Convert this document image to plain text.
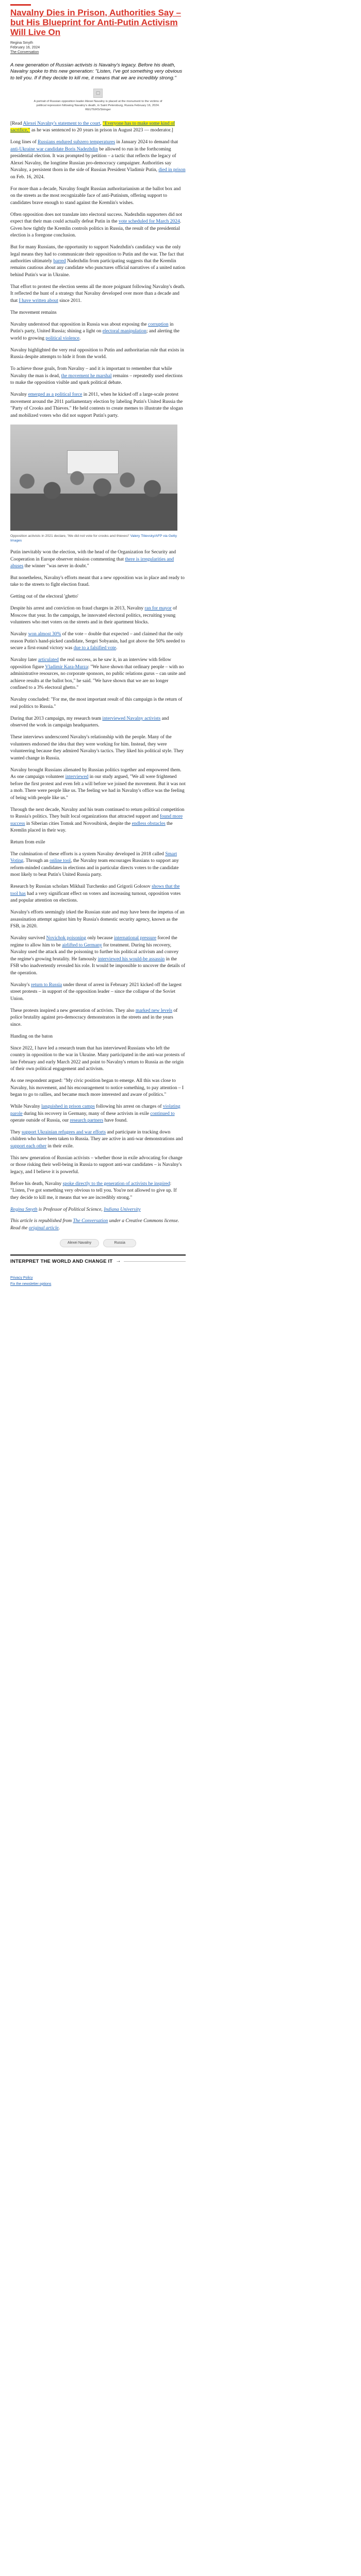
Navalny Dies in Prison, Authorities Say – but His Blueprint for Anti-Putin Activism Will Live On
Regina Smyth
February 16, 2024
The Conversation

A new generation of Russian activists is Navalny's legacy. Before his death, Navalny spoke to this new generation: "Listen, I've got something very obvious to tell you. If if they decide to kill me, it means that we are incredibly strong."

▢
A portrait of Russian opposition leader Alexei Navalny is placed at the monument to the victims of political repression following Navalny's death, in Saint Petersburg, Russia February 16, 2024. REUTERS/Stringer

[Read Alexei Navalny's statement to the court, "Everyone has to make some kind of sacrifice," as he was sentenced to 20 years in prison in August 2023 — moderator.]

Long lines of Russians endured subzero temperatures in January 2024 to demand that anti-Ukraine war candidate Boris Nadezhdin be allowed to run in the forthcoming presidential election. It was prompted by petition – a tactic that reflects the legacy of Alexei Navalny, the longtime Russian pro-democracy campaigner. Authorities say Navalny, a persistent thorn in the side of Russian President Vladimir Putin, died in prison on Feb. 16, 2024.

For more than a decade, Navalny fought Russian authoritarianism at the ballot box and on the streets as the most recognizable face of anti-Putinism, offering support to candidates brave enough to stand against the Kremlin's wishes.

Often opposition does not translate into electoral success. Nadezhdin supporters did not expect that their man could actually defeat Putin in the vote scheduled for March 2024. Given how tightly the Kremlin controls politics in Russia, the result of the presidential election is a foregone conclusion.

But for many Russians, the opportunity to support Nadezhdin's candidacy was the only legal means they had to communicate their opposition to Putin and the war. The fact that authorities ultimately barred Nadezhdin from participating suggests that the Kremlin remains cautious about any candidate who punctures official narratives of a united nation behind Putin's war in Ukraine.

That effort to protest the election seems all the more poignant following Navalny's death. It reflected the hunt of a strategy that Navalny developed over more than a decade and that I have written about since 2011.

The movement remains

Navalny understood that opposition in Russia was about exposing the corruption in Putin's party, United Russia; shining a light on electoral manipulation; and alerting the world to growing political violence.

Navalny highlighted the very real opposition to Putin and authoritarian rule that exists in Russia despite attempts to hide it from the world.

To achieve those goals, from Navalny – and it is important to remember that while Navalny the man is dead, the movement he marshal remains – repeatedly used elections to make the opposition visible and spark political debate.

Navalny emerged as a political force in 2011, when he kicked off a large-scale protest movement around the 2011 parliamentary election by labeling Putin's United Russia the "Party of Crooks and Thieves." He held contests to create memes to illustrate the slogan and mobilized voters who did not support Putin's party.

Opposition activists in 2021 declare, 'We did not vote for crooks and thieves!' Valery Titievsky/AFP via Getty Images

Putin inevitably won the election, with the head of the Organization for Security and Cooperation in Europe observer mission commenting that there is irregularities and abuses the winner "was never in doubt."

But nonetheless, Navalny's efforts meant that a new opposition was in place and ready to take to the streets to fight election fraud.

Getting out of the electoral 'ghetto'

Despite his arrest and conviction on fraud charges in 2013, Navalny ran for mayor of Moscow that year. In the campaign, he innovated electoral politics, recruiting young volunteers who met voters on the streets and in their apartment blocks.

Navalny won almost 30% of the vote – double that expected – and claimed that the only reason Putin's hand-picked candidate, Sergei Sobyanin, had got above the 50% needed to secure a first-round victory was due to a falsified vote.

Navalny later articulated the real success, as he saw it, in an interview with fellow opposition figure Vladimir Kara-Murza: "We have shown that ordinary people – with no administrative resources, no corporate sponsors, no public relations gurus – can unite and achieve results at the ballot box," he said. "We have shown that we are no longer confined to a 3% electoral ghetto."

Navalny concluded: "For me, the most important result of this campaign is the return of real politics to Russia."

During that 2013 campaign, my research team interviewed Navalny activists and observed the work in campaign headquarters.

These interviews underscored Navalny's relationship with the people. Many of the volunteers endorsed the idea that they were working for him. Instead, they were volunteering because they admired Navalny's tactics. They liked his political style. They wanted change in Russia.

Navalny brought Russians alienated by Russian politics together and empowered them. As one campaign volunteer interviewed in our study argued, "We all were frightened before the first protest and even felt a will before we joined the movement. But it was not a mob. There were people like us. The feeling we had in Navalny's office was the feeling of being with people like us."

Through the next decade, Navalny and his team continued to return political competition to Russia's politics. They built local organizations that attracted support and found more success in Siberian cities Tomsk and Novosibirsk, despite the endless obstacles the Kremlin placed in their way.

Return from exile

The culmination of these efforts is a system Navalny developed in 2018 called Smart Voting. Through an online tool, the Navalny team encourages Russians to support any reform-minded candidates in elections and in particular directs voters to the candidate most likely to beat Putin's United Russia party.

Research by Russian scholars Mikhail Turchenko and Grigorii Golosov shows that the tool has had a very significant effect on voters and increasing turnout, opposition votes and popular attention on elections.

Navalny's efforts seemingly irked the Russian state and may have been the impetus of an assassination attempt against him by Russia's domestic security agency, known as the FSB, in 2020.

Navalny survived Novichok poisoning only because international pressure forced the regime to allow him to be airlifted to Germany for treatment. During his recovery, Navalny used the attack and the poisoning to further his political activism and convey the regime's growing brutality. He famously interviewed his would-be assassin in the FSB who inadvertently revealed his role. It would be impossible to uncover the details of the operation.

Navalny's return to Russia under threat of arrest in February 2021 kicked off the largest street protests – in support of the opposition leader – since the collapse of the Soviet Union.

These protests inspired a new generation of activists. They also marked new levels of police brutality against pro-democracy demonstrators in the streets and in the years since.

Handing on the baton

Since 2022, I have led a research team that has interviewed Russians who left the country in opposition to the war in Ukraine. Many participated in the anti-war protests of late February and early March 2022 and point to Navalny's return to Russia as the origin of their own political engagement and activism.

As one respondent argued: "My civic position began to emerge. All this was close to Navalny, his movement, and his encouragement to notice something, to pay attention – I began to go to rallies, and became much more interested and aware of politics."

While Navalny languished in prison camps following his arrest on charges of violating parole during his recovery in Germany, many of these activists in exile continued to operate outside of Russia, our research partners have found.

They support Ukrainian refugees and war efforts and participate in tracking down children who have been taken to Russia. They are active in anti-war demonstrations and support each other in their exile.

This new generation of Russian activists – whether those in exile advocating for change or those risking their well-being in Russia to support anti-war candidates – is Navalny's legacy, and I believe it is powerful.

Before his death, Navalny spoke directly to the generation of activists he inspired: "Listen, I've got something very obvious to tell you. You're not allowed to give up. If they decide to kill me, it means that we are incredibly strong."

Regina Smyth is Professor of Political Science, Indiana University

This article is republished from The Conversation under a Creative Commons license. Read the original article.

Alexei Navalny	Russia
INTERPRET THE WORLD AND CHANGE IT →
Privacy Policy
Fix the newsletter options
